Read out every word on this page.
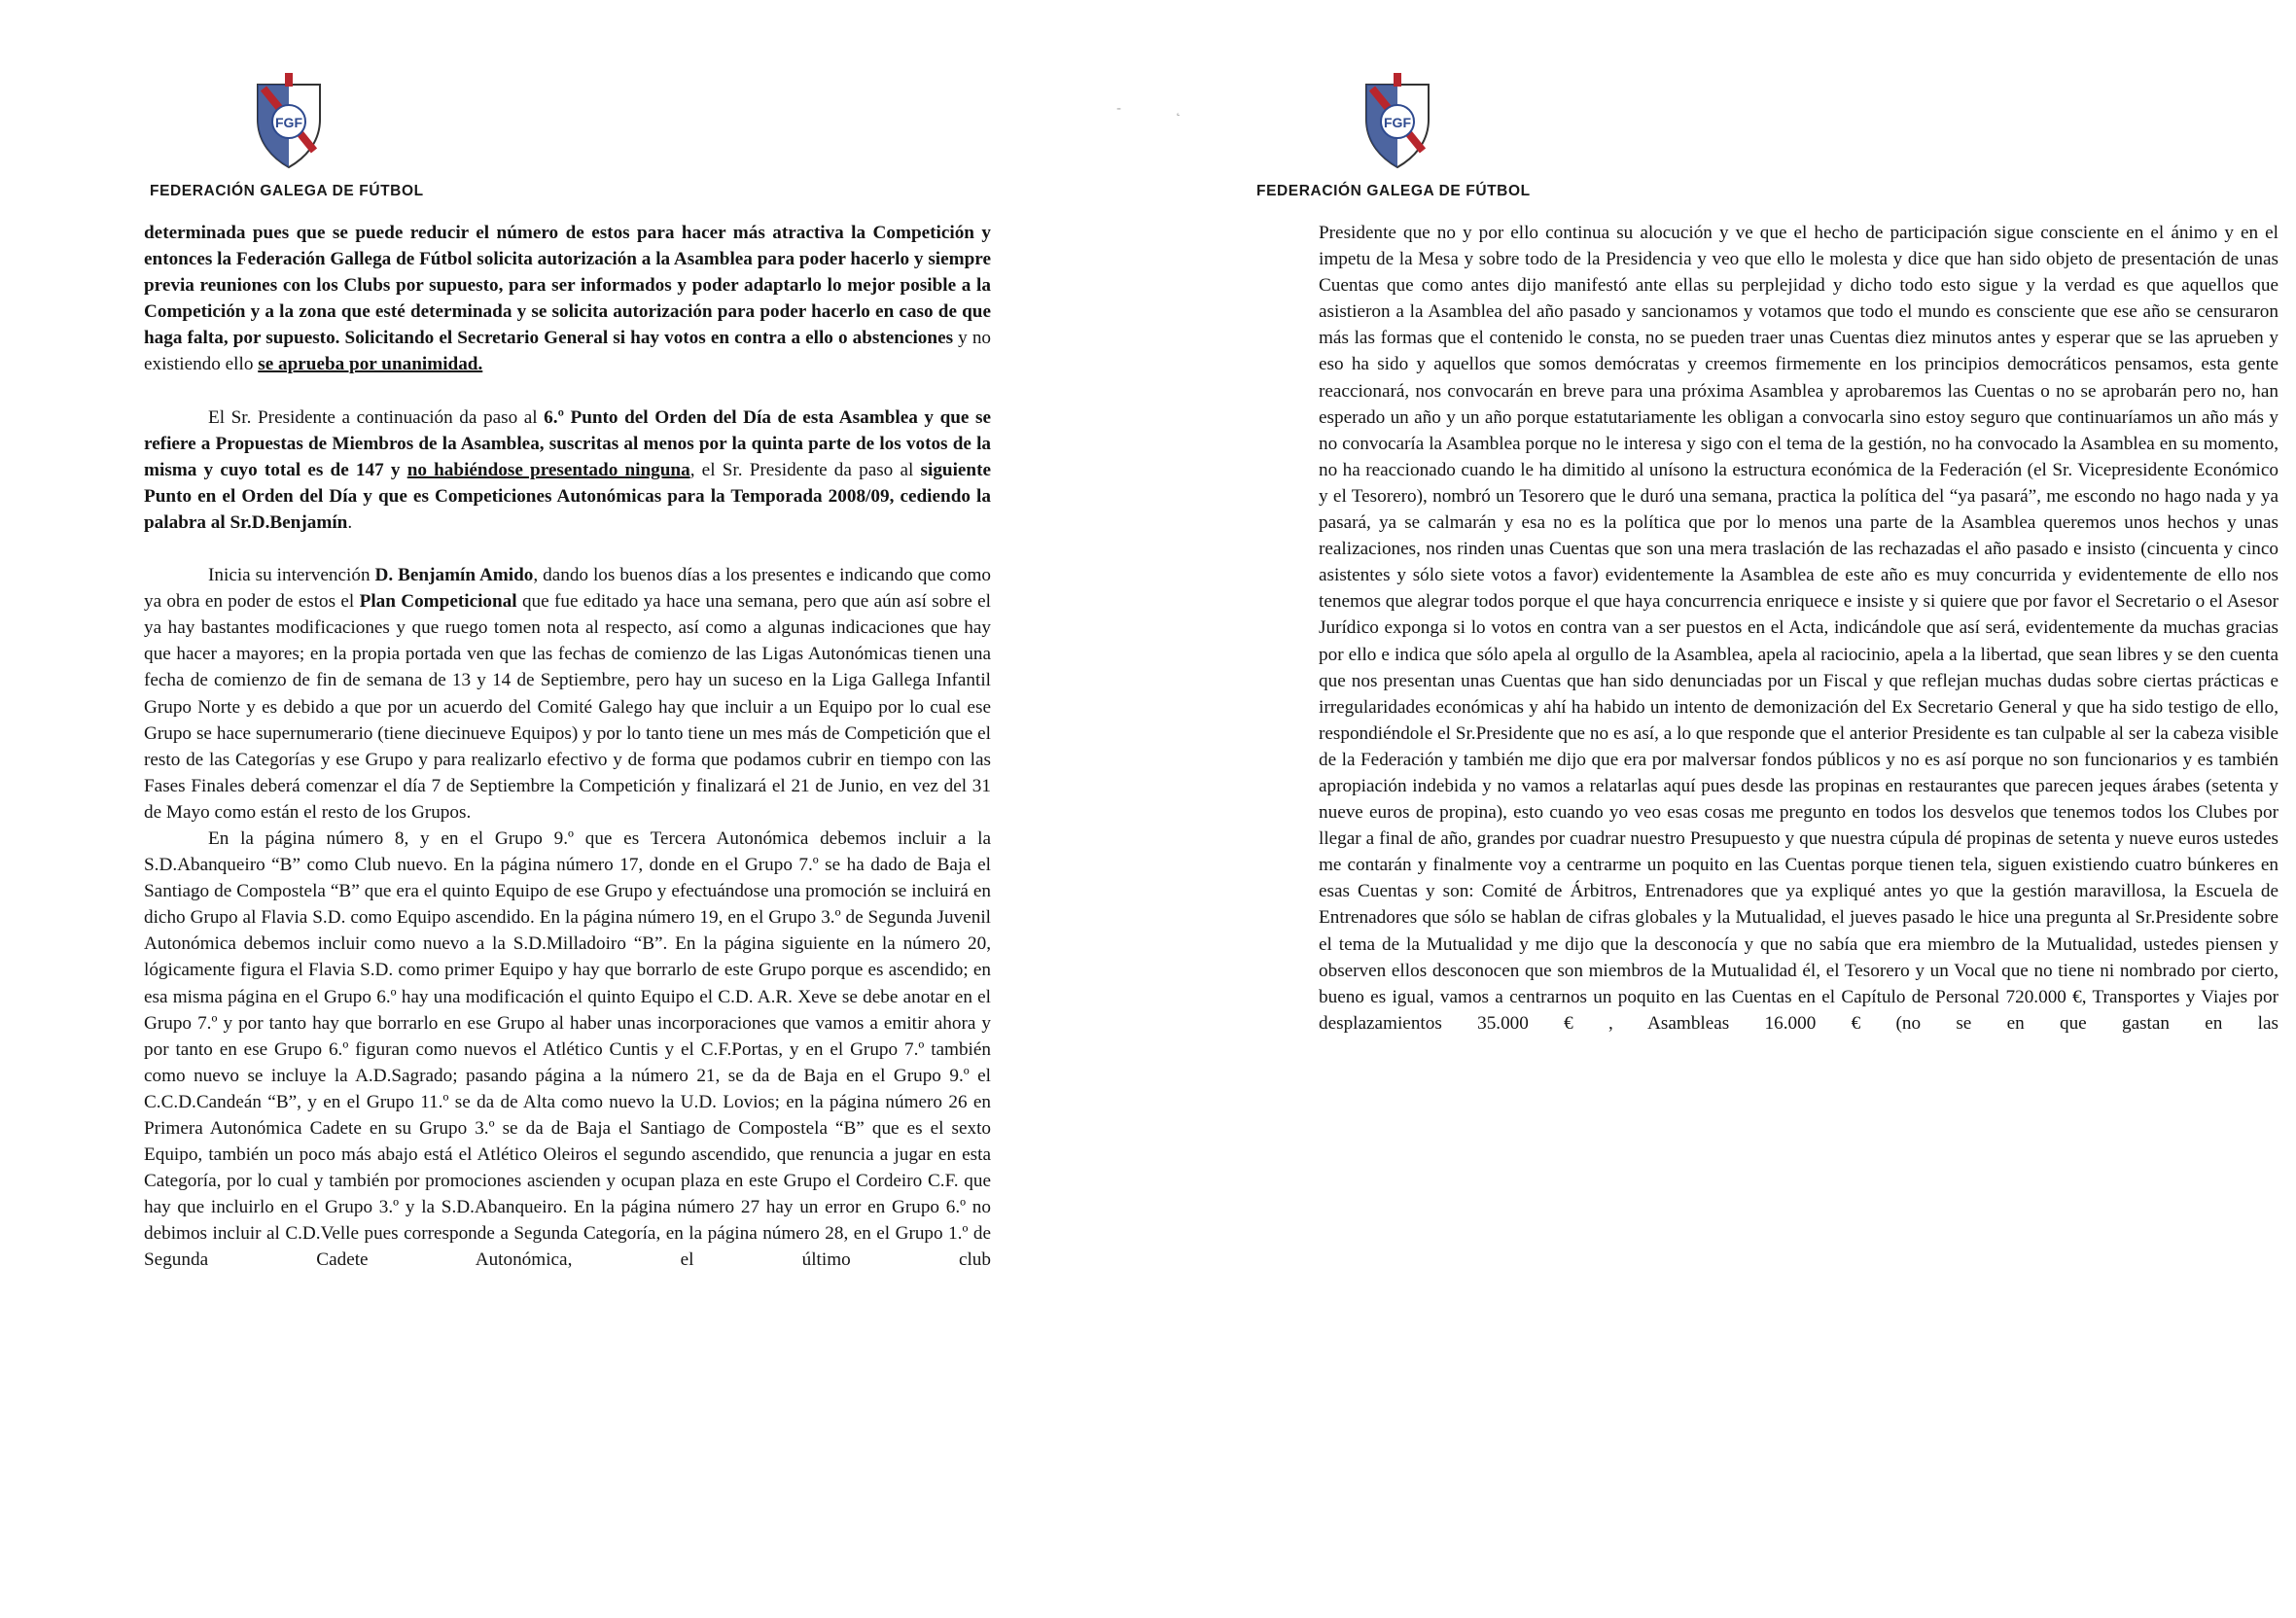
FGF
FEDERACIÓN GALEGA DE FÚTBOL

determinada pues que se puede reducir el número de estos para hacer más atractiva la Competición y entonces la Federación Gallega de Fútbol solicita autorización a la Asamblea para poder hacerlo y siempre previa reuniones con los Clubs por supuesto, para ser informados y poder adaptarlo lo mejor posible a la Competición y a la zona que esté determinada y se solicita autorización para poder hacerlo en caso de que haga falta, por supuesto. Solicitando el Secretario General si hay votos en contra a ello o abstenciones y no existiendo ello se aprueba por unanimidad.

El Sr. Presidente a continuación da paso al 6.º Punto del Orden del Día de esta Asamblea y que se refiere a Propuestas de Miembros de la Asamblea, suscritas al menos por la quinta parte de los votos de la misma y cuyo total es de 147 y no habiéndose presentado ninguna, el Sr. Presidente da paso al siguiente Punto en el Orden del Día y que es Competiciones Autonómicas para la Temporada 2008/09, cediendo la palabra al Sr.D.Benjamín.

Inicia su intervención D. Benjamín Amido, dando los buenos días a los presentes e indicando que como ya obra en poder de estos el Plan Competicional que fue editado ya hace una semana, pero que aún así sobre el ya hay bastantes modificaciones y que ruego tomen nota al respecto, así como a algunas indicaciones que hay que hacer a mayores; en la propia portada ven que las fechas de comienzo de las Ligas Autonómicas tienen una fecha de comienzo de fin de semana de 13 y 14 de Septiembre, pero hay un suceso en la Liga Gallega Infantil Grupo Norte y es debido a que por un acuerdo del Comité Galego hay que incluir a un Equipo por lo cual ese Grupo se hace supernumerario (tiene diecinueve Equipos) y por lo tanto tiene un mes más de Competición que el resto de las Categorías y ese Grupo y para realizarlo efectivo y de forma que podamos cubrir en tiempo con las Fases Finales deberá comenzar el día 7 de Septiembre la Competición y finalizará el 21 de Junio, en vez del 31 de Mayo como están el resto de los Grupos.

En la página número 8, y en el Grupo 9.º que es Tercera Autonómica debemos incluir a la S.D.Abanqueiro “B” como Club nuevo. En la página número 17, donde en el Grupo 7.º se ha dado de Baja el Santiago de Compostela “B” que era el quinto Equipo de ese Grupo y efectuándose una promoción se incluirá en dicho Grupo al Flavia S.D. como Equipo ascendido. En la página número 19, en el Grupo 3.º de Segunda Juvenil Autonómica debemos incluir como nuevo a la S.D.Milladoiro “B”. En la página siguiente en la número 20, lógicamente figura el Flavia S.D. como primer Equipo y hay que borrarlo de este Grupo porque es ascendido; en esa misma página en el Grupo 6.º hay una modificación el quinto Equipo el C.D. A.R. Xeve se debe anotar en el Grupo 7.º y por tanto hay que borrarlo en ese Grupo al haber unas incorporaciones que vamos a emitir ahora y por tanto en ese Grupo 6.º figuran como nuevos el Atlético Cuntis y el C.F.Portas, y en el Grupo 7.º también como nuevo se incluye la A.D.Sagrado; pasando página a la número 21, se da de Baja en el Grupo 9.º el C.C.D.Candeán “B”, y en el Grupo 11.º se da de Alta como nuevo la U.D. Lovios; en la página número 26 en Primera Autonómica Cadete en su Grupo 3.º se da de Baja el Santiago de Compostela “B” que es el sexto Equipo, también un poco más abajo está el Atlético Oleiros el segundo ascendido, que renuncia a jugar en esta Categoría, por lo cual y también por promociones ascienden y ocupan plaza en este Grupo el Cordeiro C.F. que hay que incluirlo en el Grupo 3.º y la S.D.Abanqueiro. En la página número 27 hay un error en Grupo 6.º no debimos incluir al C.D.Velle pues corresponde a Segunda Categoría, en la página número 28, en el Grupo 1.º de Segunda Cadete Autonómica, el último club

-	˛
FGF
FEDERACIÓN GALEGA DE FÚTBOL

Presidente que no y por ello continua su alocución y ve que el hecho de participación sigue consciente en el ánimo y en el impetu de la Mesa y sobre todo de la Presidencia y veo que ello le molesta y dice que han sido objeto de presentación de unas Cuentas que como antes dijo manifestó ante ellas su perplejidad y dicho todo esto sigue y la verdad es que aquellos que asistieron a la Asamblea del año pasado y sancionamos y votamos que todo el mundo es consciente que ese año se censuraron más las formas que el contenido le consta, no se pueden traer unas Cuentas diez minutos antes y esperar que se las aprueben y eso ha sido y aquellos que somos demócratas y creemos firmemente en los principios democráticos pensamos, esta gente reaccionará, nos convocarán en breve para una próxima Asamblea y aprobaremos las Cuentas o no se aprobarán pero no, han esperado un año y un año porque estatutariamente les obligan a convocarla sino estoy seguro que continuaríamos un año más y no convocaría la Asamblea porque no le interesa y sigo con el tema de la gestión, no ha convocado la Asamblea en su momento, no ha reaccionado cuando le ha dimitido al unísono la estructura económica de la Federación (el Sr. Vicepresidente Económico y el Tesorero), nombró un Tesorero que le duró una semana, practica la política del “ya pasará”, me escondo no hago nada y ya pasará, ya se calmarán y esa no es la política que por lo menos una parte de la Asamblea queremos unos hechos y unas realizaciones, nos rinden unas Cuentas que son una mera traslación de las rechazadas el año pasado e insisto (cincuenta y cinco asistentes y sólo siete votos a favor) evidentemente la Asamblea de este año es muy concurrida y evidentemente de ello nos tenemos que alegrar todos porque el que haya concurrencia enriquece e insiste y si quiere que por favor el Secretario o el Asesor Jurídico exponga si lo votos en contra van a ser puestos en el Acta, indicándole que así será, evidentemente da muchas gracias por ello e indica que sólo apela al orgullo de la Asamblea, apela al raciocinio, apela a la libertad, que sean libres y se den cuenta que nos presentan unas Cuentas que han sido denunciadas por un Fiscal y que reflejan muchas dudas sobre ciertas prácticas e irregularidades económicas y ahí ha habido un intento de demonización del Ex Secretario General y que ha sido testigo de ello, respondiéndole el Sr.Presidente que no es así, a lo que responde que el anterior Presidente es tan culpable al ser la cabeza visible de la Federación y también me dijo que era por malversar fondos públicos y no es así porque no son funcionarios y es también apropiación indebida y no vamos a relatarlas aquí pues desde las propinas en restaurantes que parecen jeques árabes (setenta y nueve euros de propina), esto cuando yo veo esas cosas me pregunto en todos los desvelos que tenemos todos los Clubes por llegar a final de año, grandes por cuadrar nuestro Presupuesto y que nuestra cúpula dé propinas de setenta y nueve euros ustedes me contarán y finalmente voy a centrarme un poquito en las Cuentas porque tienen tela, siguen existiendo cuatro búnkeres en esas Cuentas y son: Comité de Árbitros, Entrenadores que ya expliqué antes yo que la gestión maravillosa, la Escuela de Entrenadores que sólo se hablan de cifras globales y la Mutualidad, el jueves pasado le hice una pregunta al Sr.Presidente sobre el tema de la Mutualidad y me dijo que la desconocía y que no sabía que era miembro de la Mutualidad, ustedes piensen y observen ellos desconocen que son miembros de la Mutualidad él, el Tesorero y un Vocal que no tiene ni nombrado por cierto, bueno es igual, vamos a centrarnos un poquito en las Cuentas en el Capítulo de Personal 720.000 €, Transportes y Viajes por desplazamientos 35.000 € , Asambleas 16.000 € (no se en que gastan en las
